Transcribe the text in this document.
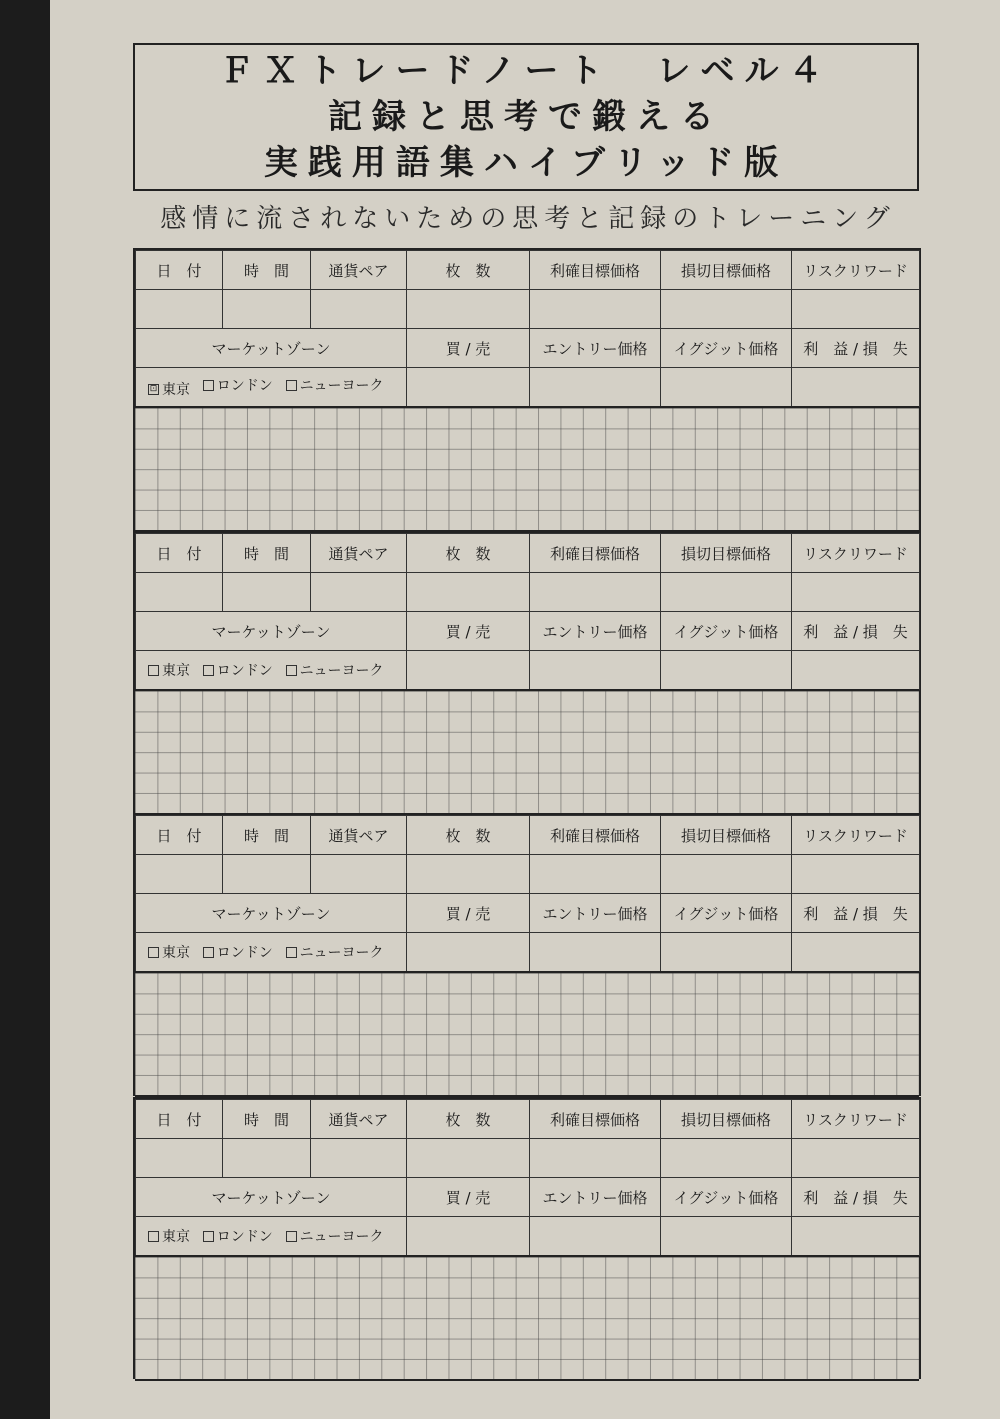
ＦＸトレードノート　レベル４
記録と思考で鍛える
実践用語集ハイブリッド版
感情に流されないための思考と記録のトレーニング
日　付	時　間	通貨ペア	枚　数	利確目標価格	損切目標価格	リスクリワード

マーケットゾーン			買 / 売	エントリー価格	イグジット価格	利　益 / 損　失

⊡ 東京
ロンドン
ニューヨーク						

日　付	時　間	通貨ペア	枚　数	利確目標価格	損切目標価格	リスクリワード

マーケットゾーン			買 / 売	エントリー価格	イグジット価格	利　益 / 損　失

東京
ロンドン
ニューヨーク						

日　付	時　間	通貨ペア	枚　数	利確目標価格	損切目標価格	リスクリワード

マーケットゾーン			買 / 売	エントリー価格	イグジット価格	利　益 / 損　失

東京
ロンドン
ニューヨーク						

日　付	時　間	通貨ペア	枚　数	利確目標価格	損切目標価格	リスクリワード

マーケットゾーン			買 / 売	エントリー価格	イグジット価格	利　益 / 損　失

東京
ロンドン
ニューヨーク						
